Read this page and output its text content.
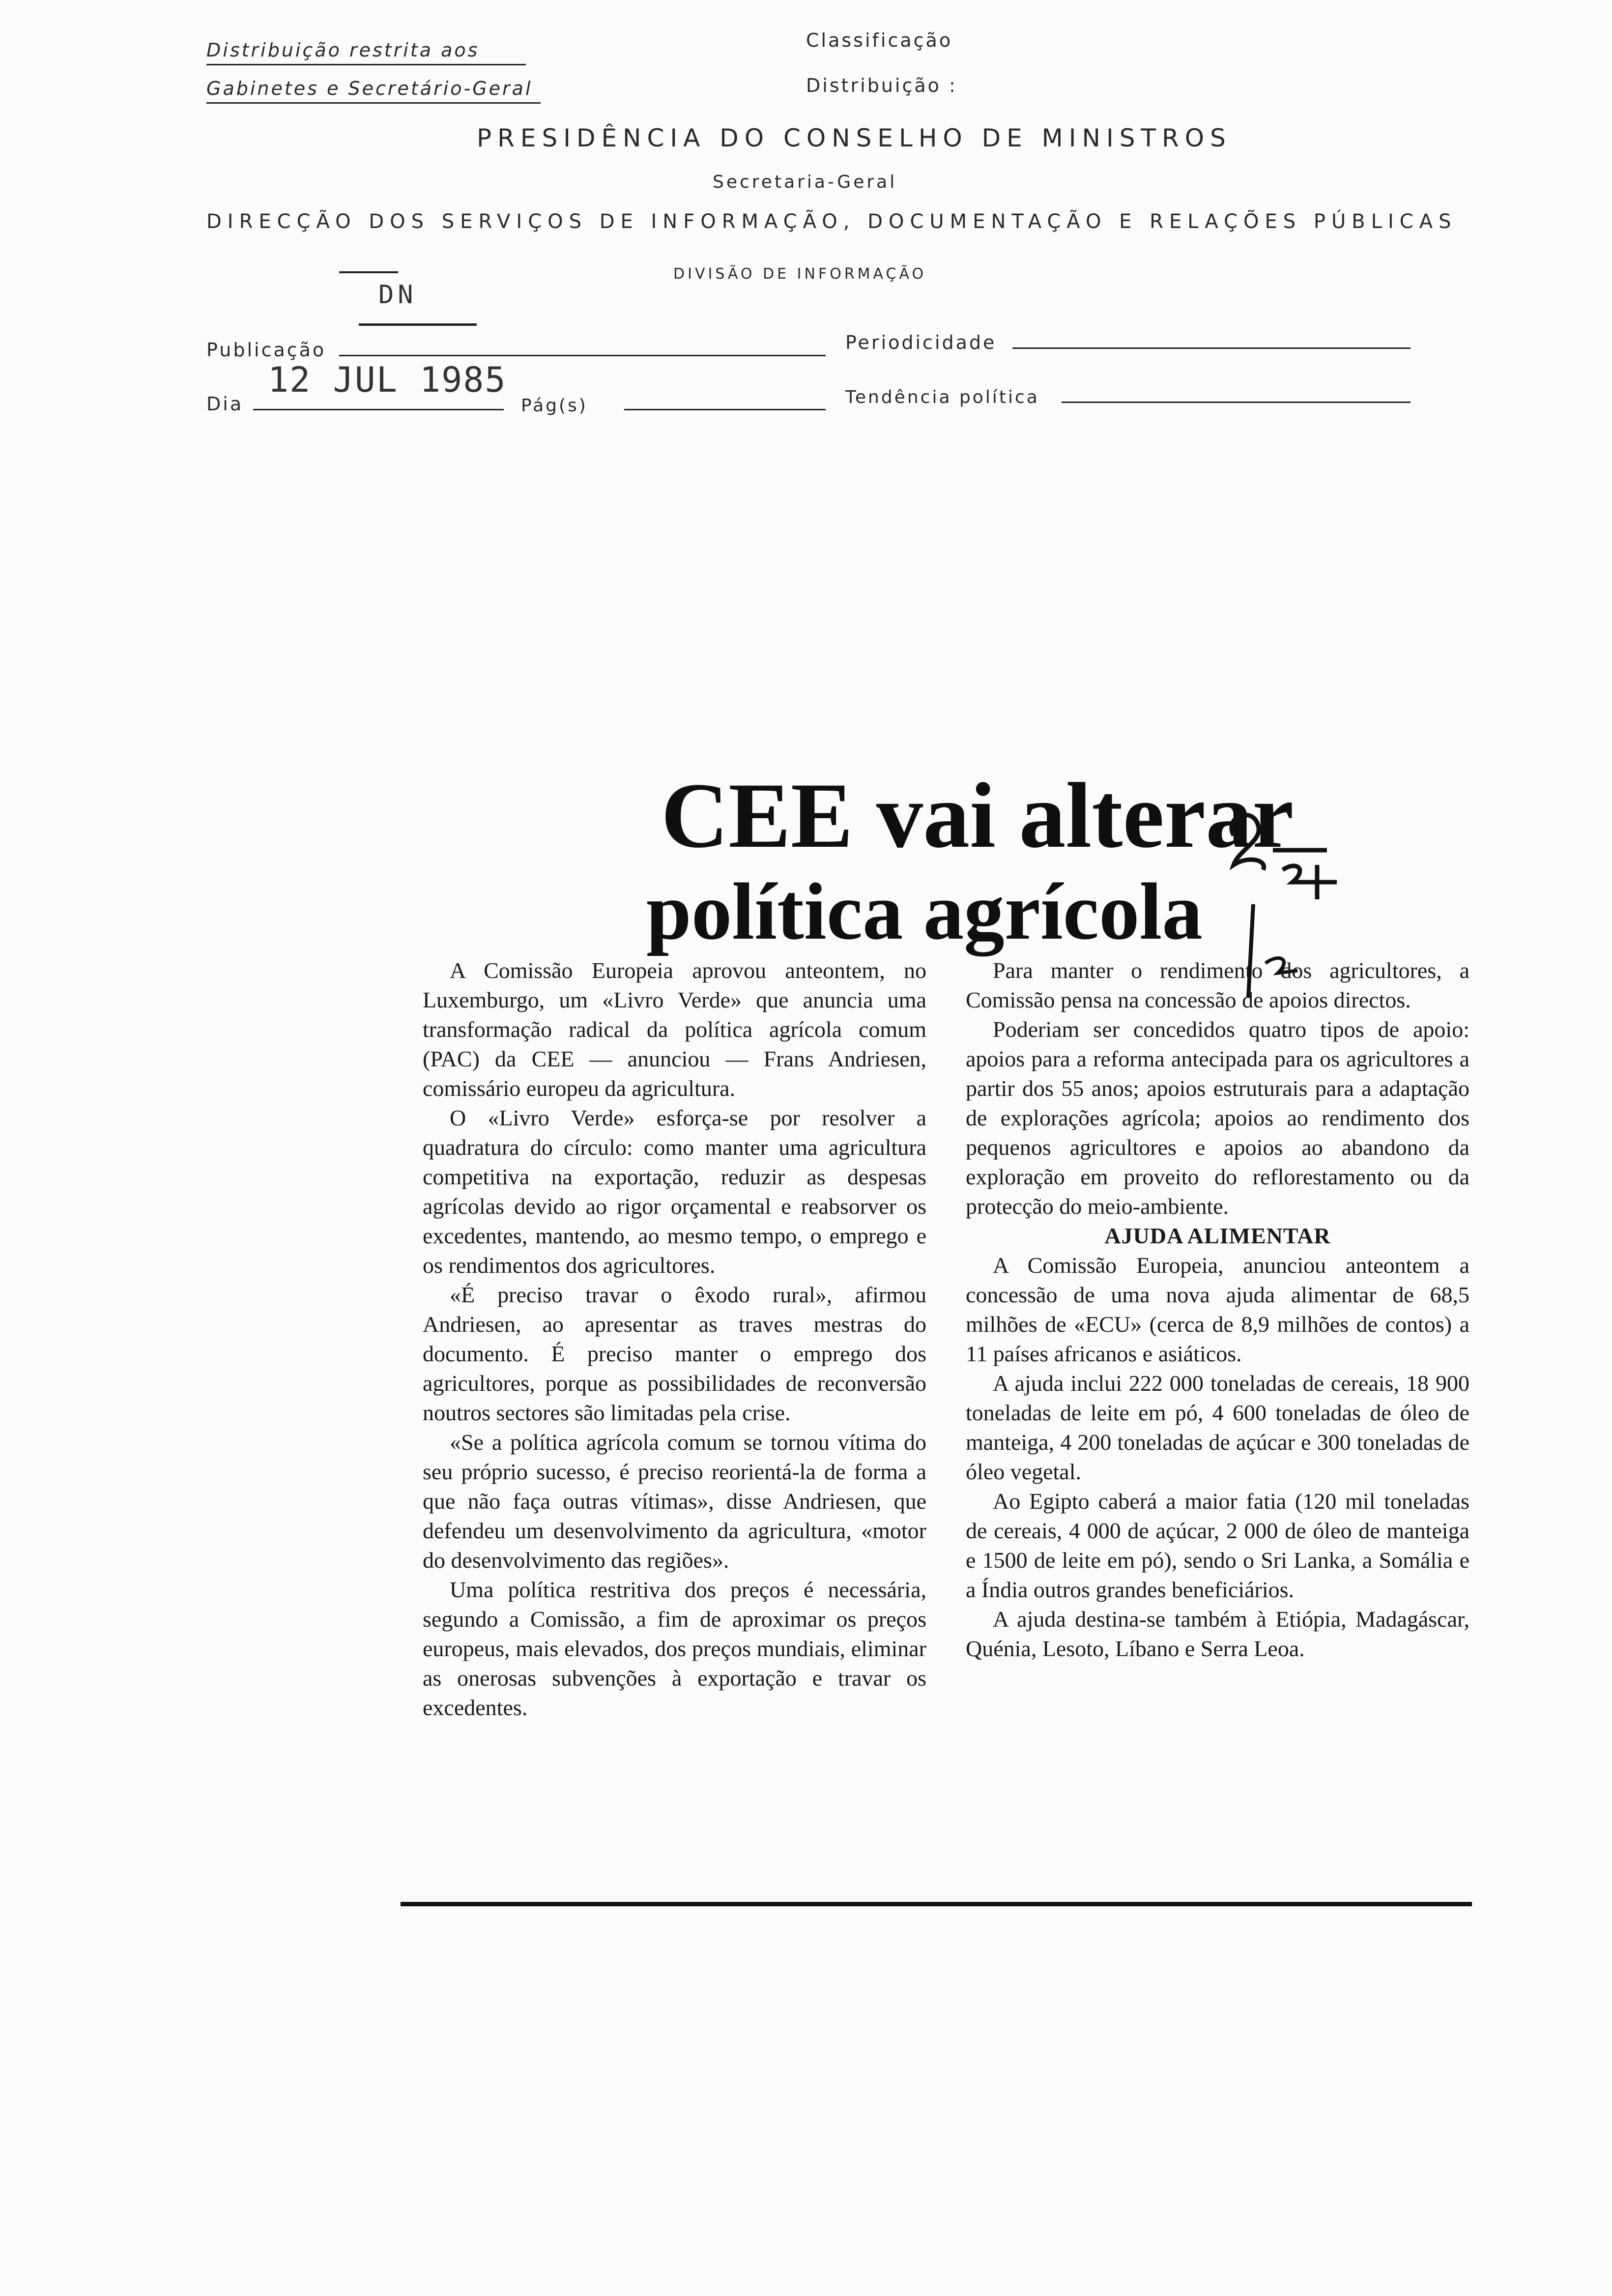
Distribuição restrita aos
Gabinetes e Secretário-Geral
Classificação
Distribuição :
PRESIDÊNCIA DO CONSELHO DE MINISTROS
Secretaria-Geral
DIRECÇÃO DOS SERVIÇOS DE INFORMAÇÃO, DOCUMENTAÇÃO E RELAÇÕES PÚBLICAS
DN
DIVISÃO DE INFORMAÇÃO
Publicação	Periodicidade
Dia
12 JUL 1985
Pág(s)	Tendência política
CEE vai alterar
política agrícola

A Comissão Europeia aprovou anteontem, no Luxemburgo, um «Livro Verde» que anuncia uma transformação radical da política agrícola comum (PAC) da CEE — anunciou — Frans Andriesen, comissário europeu da agricultura.

O «Livro Verde» esforça-se por resolver a quadratura do círculo: como manter uma agricultura competitiva na exportação, reduzir as despesas agrícolas devido ao rigor orçamental e reabsorver os excedentes, mantendo, ao mesmo tempo, o emprego e os rendimentos dos agricultores.

«É preciso travar o êxodo rural», afirmou Andriesen, ao apresentar as traves mestras do documento. É preciso manter o emprego dos agricultores, porque as possibilidades de reconversão noutros sectores são limitadas pela crise.

«Se a política agrícola comum se tornou vítima do seu próprio sucesso, é preciso reorientá-la de forma a que não faça outras vítimas», disse Andriesen, que defendeu um desenvolvimento da agricultura, «motor do desenvolvimento das regiões».

Uma política restritiva dos preços é necessária, segundo a Comissão, a fim de aproximar os preços europeus, mais elevados, dos preços mundiais, eliminar as onerosas subvenções à exportação e travar os excedentes.

Para manter o rendimento dos agricultores, a Comissão pensa na concessão de apoios directos.

Poderiam ser concedidos quatro tipos de apoio: apoios para a reforma antecipada para os agricultores a partir dos 55 anos; apoios estruturais para a adaptação de explorações agrícola; apoios ao rendimento dos pequenos agricultores e apoios ao abandono da exploração em proveito do reflorestamento ou da protecção do meio-ambiente.

AJUDA ALIMENTAR

A Comissão Europeia, anunciou anteontem a concessão de uma nova ajuda alimentar de 68,5 milhões de «ECU» (cerca de 8,9 milhões de contos) a 11 países africanos e asiáticos.

A ajuda inclui 222 000 toneladas de cereais, 18 900 toneladas de leite em pó, 4 600 toneladas de óleo de manteiga, 4 200 toneladas de açúcar e 300 toneladas de óleo vegetal.

Ao Egipto caberá a maior fatia (120 mil toneladas de cereais, 4 000 de açúcar, 2 000 de óleo de manteiga e 1500 de leite em pó), sendo o Sri Lanka, a Somália e a Índia outros grandes beneficiários.

A ajuda destina-se também à Etiópia, Madagáscar, Quénia, Lesoto, Líbano e Serra Leoa.
